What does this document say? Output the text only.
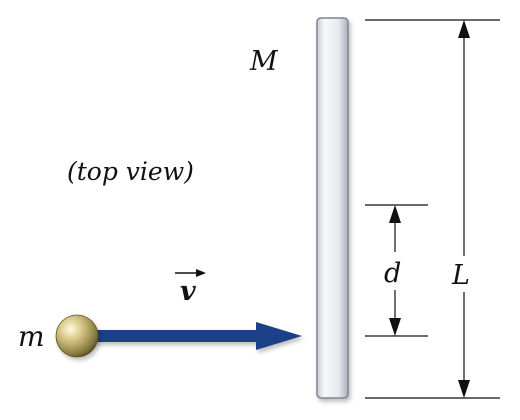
M
(top view)
v
m
d L
